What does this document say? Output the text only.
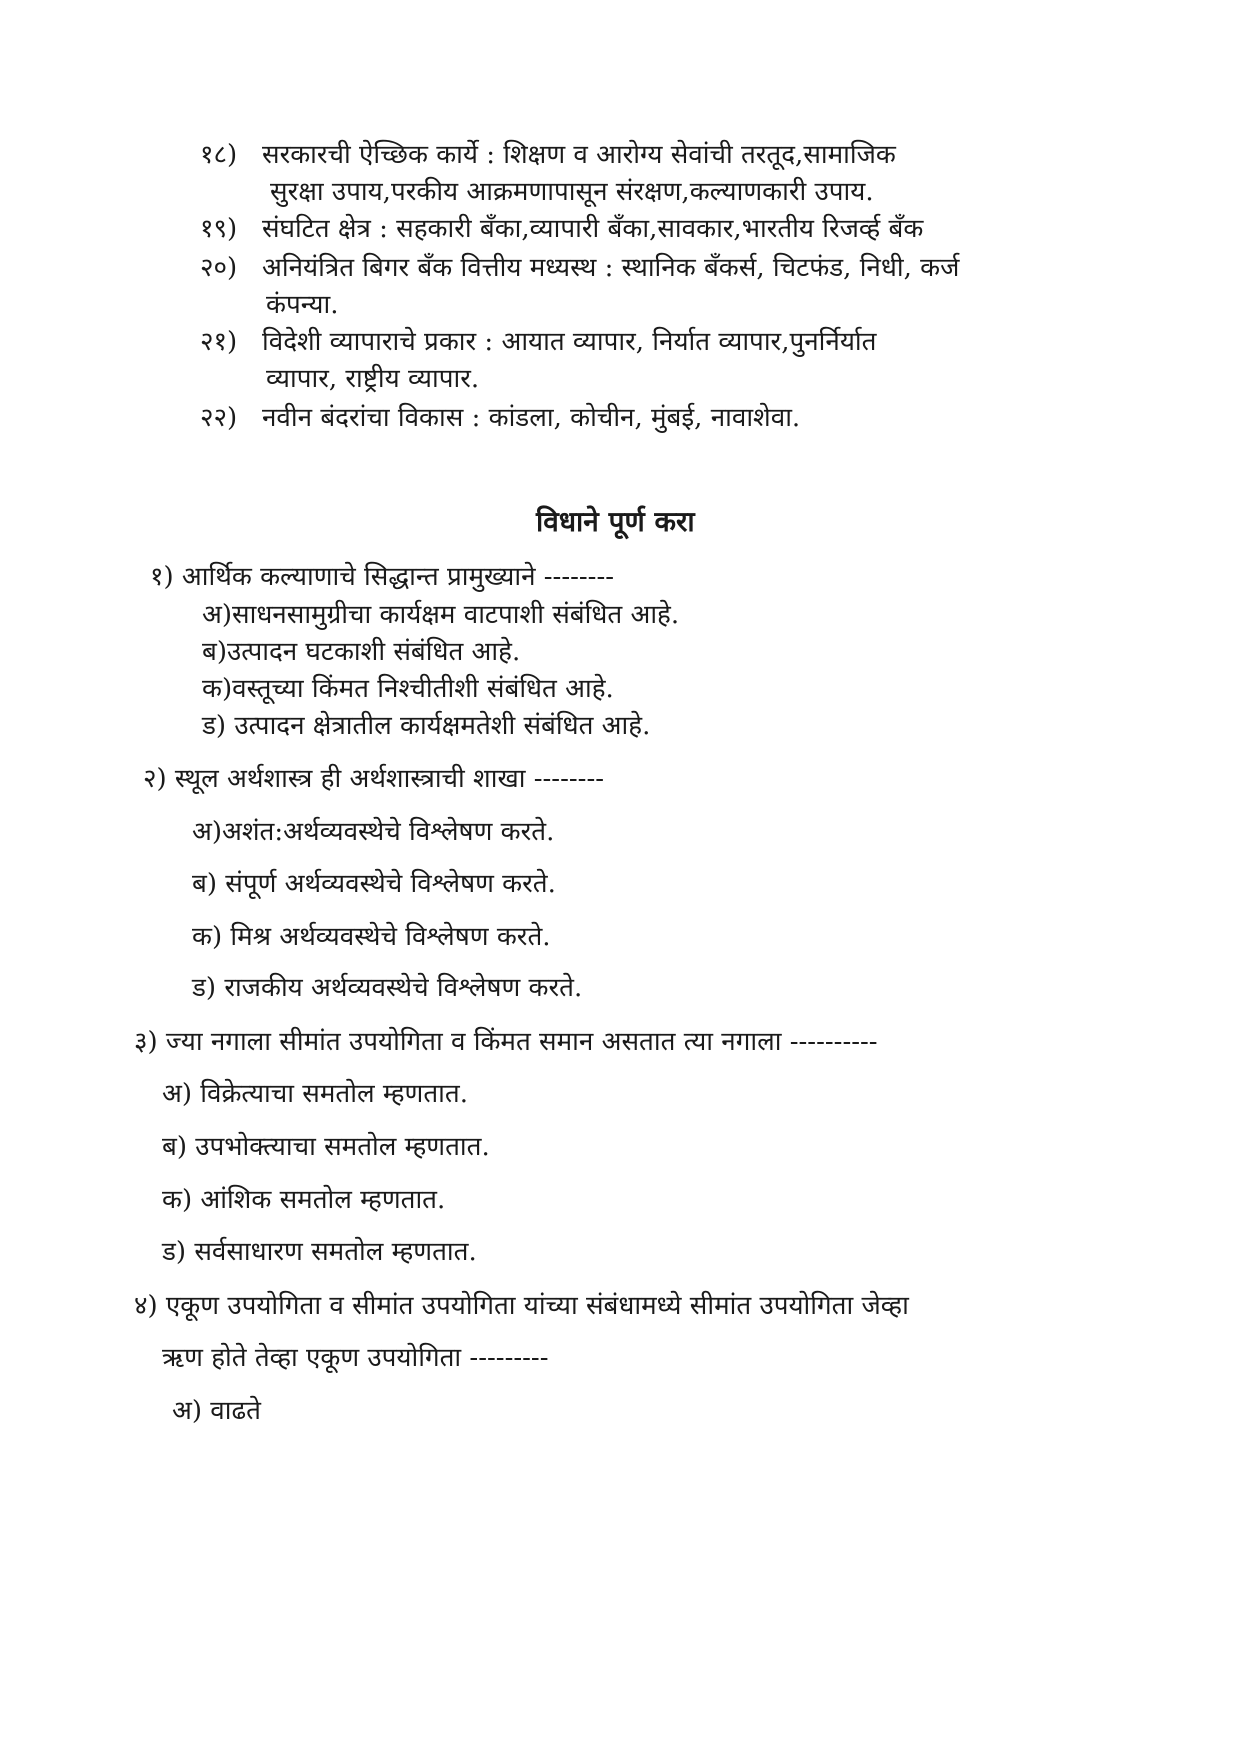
१८) सरकारची ऐच्छिक कार्ये : शिक्षण व आरोग्य सेवांची तरतूद,सामाजिक
सुरक्षा उपाय,परकीय आक्रमणापासून संरक्षण,कल्याणकारी उपाय.
१९) संघटित क्षेत्र : सहकारी बँका,व्यापारी बँका,सावकार,भारतीय रिजर्व्ह बँक
२०) अनियंत्रित बिगर बँक वित्तीय मध्यस्थ : स्थानिक बँकर्स, चिटफंड, निधी, कर्ज
कंपन्या.
२१) विदेशी व्यापाराचे प्रकार : आयात व्यापार, निर्यात व्यापार,पुनर्निर्यात
व्यापार, राष्ट्रीय व्यापार.
२२) नवीन बंदरांचा विकास : कांडला, कोचीन, मुंबई, नावाशेवा.
विधाने पूर्ण करा
१) आर्थिक कल्याणाचे सिद्धान्त प्रामुख्याने --------
अ)साधनसामुग्रीचा कार्यक्षम वाटपाशी संबंधित आहे.
ब)उत्पादन घटकाशी संबंधित आहे.
क)वस्तूच्या किंमत निश्चीतीशी संबंधित आहे.
ड) उत्पादन क्षेत्रातील कार्यक्षमतेशी संबंधित आहे.
२) स्थूल अर्थशास्त्र ही अर्थशास्त्राची शाखा --------
अ)अशंत:अर्थव्यवस्थेचे विश्लेषण करते.
ब) संपूर्ण अर्थव्यवस्थेचे विश्लेषण करते.
क) मिश्र अर्थव्यवस्थेचे विश्लेषण करते.
ड) राजकीय अर्थव्यवस्थेचे विश्लेषण करते.
३) ज्या नगाला सीमांत उपयोगिता व किंमत समान असतात त्या नगाला ----------
अ) विक्रेत्याचा समतोल म्हणतात.
ब) उपभोक्त्याचा समतोल म्हणतात.
क) आंशिक समतोल म्हणतात.
ड) सर्वसाधारण समतोल म्हणतात.
४) एकूण उपयोगिता व सीमांत उपयोगिता यांच्या संबंधामध्ये सीमांत उपयोगिता जेव्हा
ऋण होते तेव्हा एकूण उपयोगिता ---------
अ) वाढते
